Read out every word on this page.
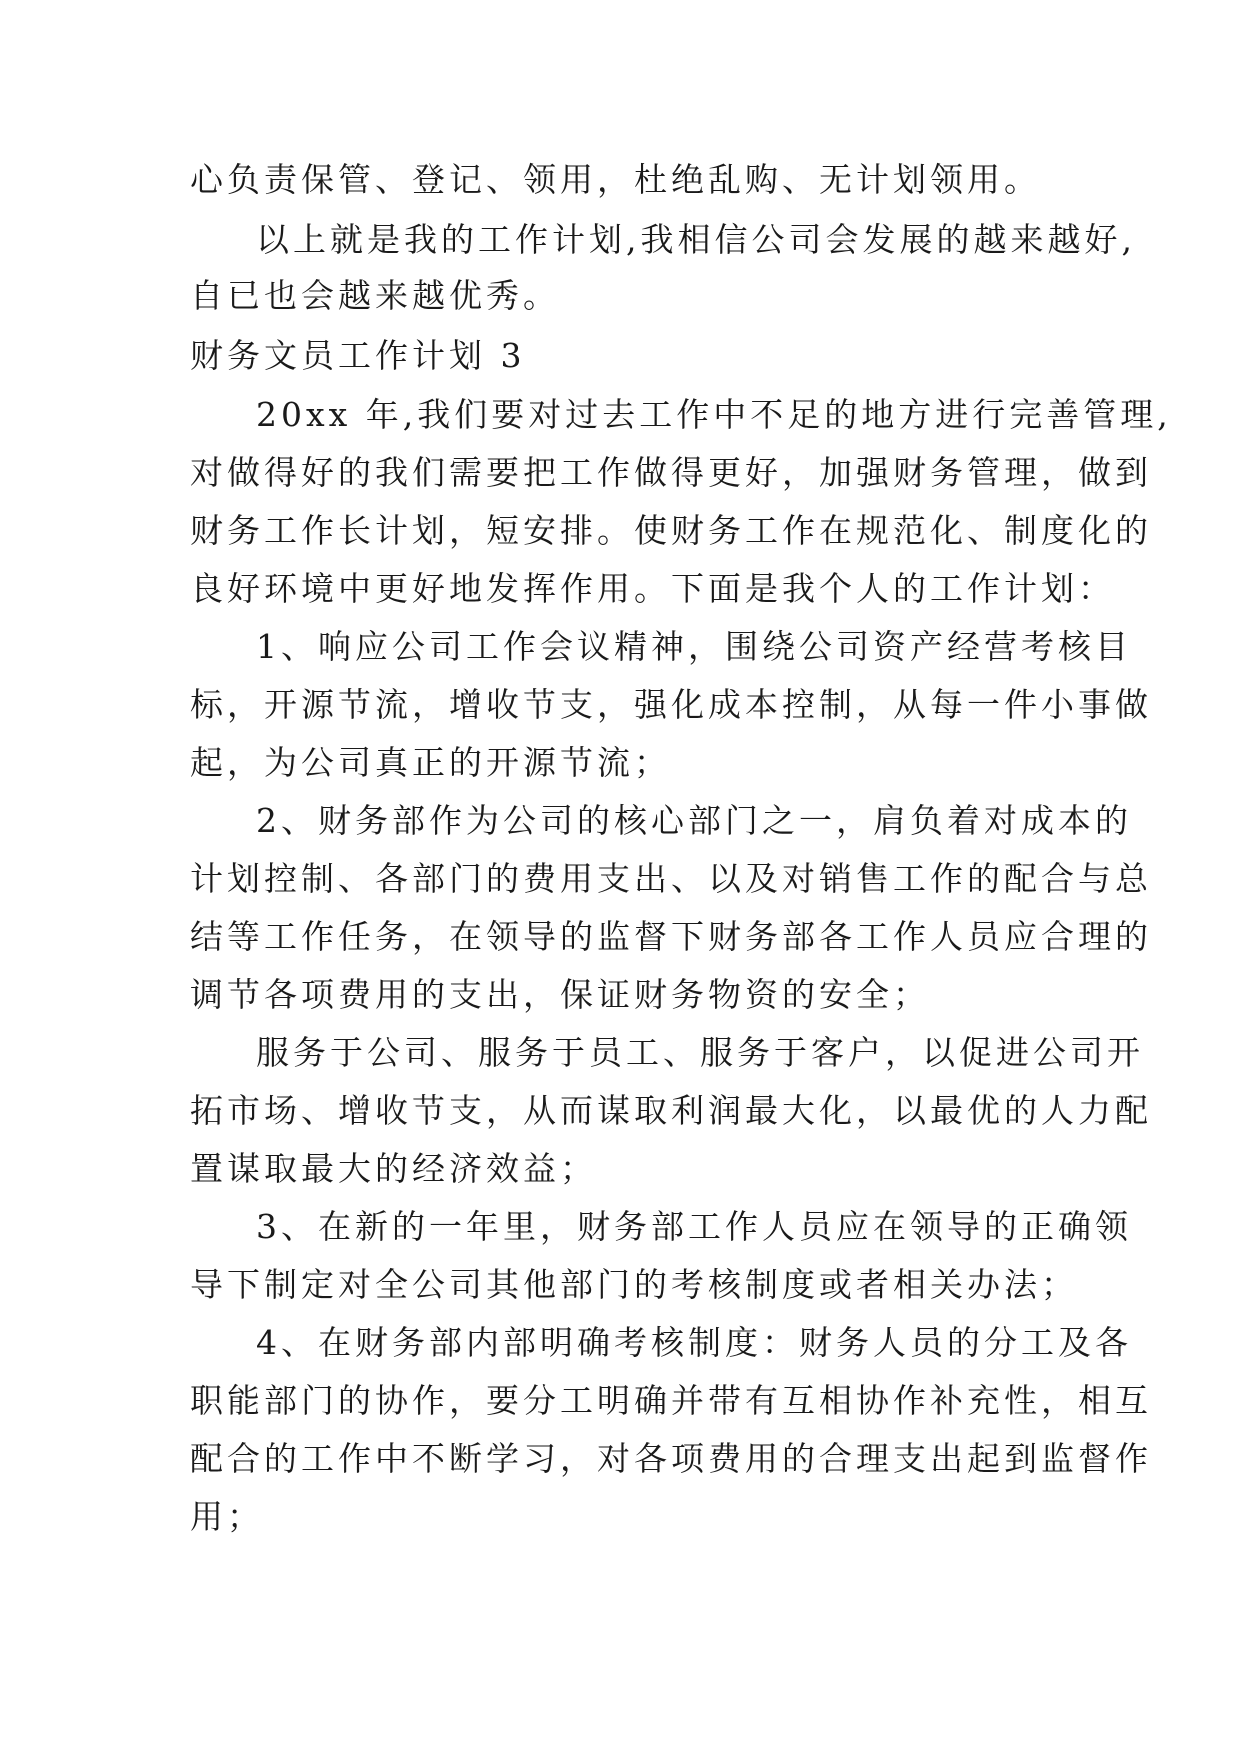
心负责保管、登记、领用，杜绝乱购、无计划领用。
以上就是我的工作计划,我相信公司会发展的越来越好,
自已也会越来越优秀。
财务文员工作计划 3
20xx 年,我们要对过去工作中不足的地方进行完善管理,
对做得好的我们需要把工作做得更好，加强财务管理，做到
财务工作长计划，短安排。使财务工作在规范化、制度化的
良好环境中更好地发挥作用。下面是我个人的工作计划：
1、响应公司工作会议精神，围绕公司资产经营考核目
标，开源节流，增收节支，强化成本控制，从每一件小事做
起，为公司真正的开源节流；
2、财务部作为公司的核心部门之一，肩负着对成本的
计划控制、各部门的费用支出、以及对销售工作的配合与总
结等工作任务，在领导的监督下财务部各工作人员应合理的
调节各项费用的支出，保证财务物资的安全；
服务于公司、服务于员工、服务于客户，以促进公司开
拓市场、增收节支，从而谋取利润最大化，以最优的人力配
置谋取最大的经济效益；
3、在新的一年里，财务部工作人员应在领导的正确领
导下制定对全公司其他部门的考核制度或者相关办法；
4、在财务部内部明确考核制度：财务人员的分工及各
职能部门的协作，要分工明确并带有互相协作补充性，相互
配合的工作中不断学习，对各项费用的合理支出起到监督作
用；
